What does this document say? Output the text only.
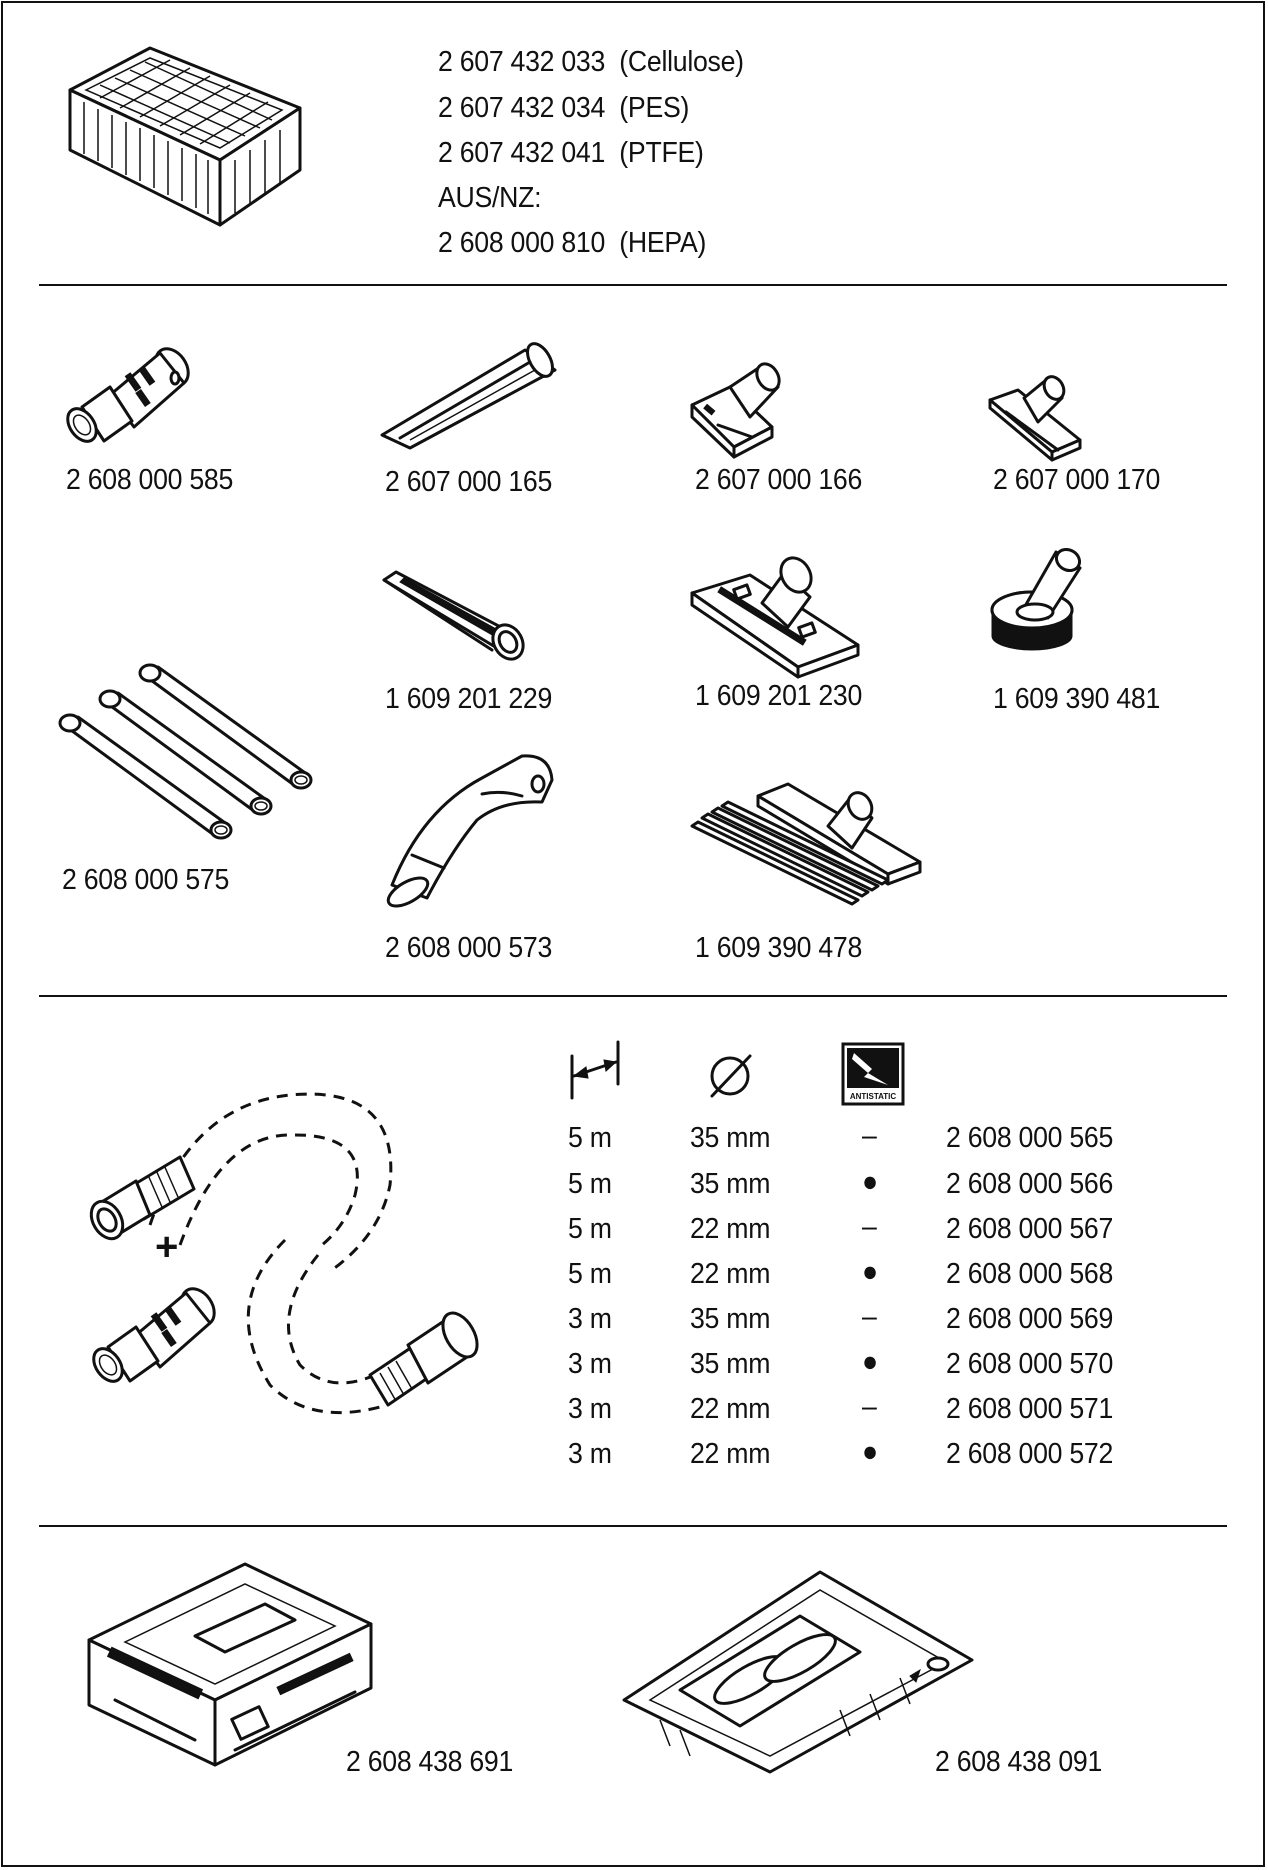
2 607 432 033 (Cellulose)
2 607 432 034 (PES)
2 607 432 041 (PTFE)
AUS/NZ:
2 608 000 810 (HEPA)
2 608 000 585	2 607 000 165	2 607 000 166	2 607 000 170
1 609 201 229	1 609 201 230	1 609 390 481
2 608 000 575
2 608 000 573	1 609 390 478
+
ANTISTATIC
5 m	35 mm	– 2 608 000 565
5 m	35 mm	● 2 608 000 566
5 m	22 mm	– 2 608 000 567
5 m	22 mm	● 2 608 000 568
3 m	35 mm	– 2 608 000 569
3 m	35 mm	● 2 608 000 570
3 m	22 mm	– 2 608 000 571
3 m	22 mm	● 2 608 000 572
2 608 438 691	2 608 438 091
